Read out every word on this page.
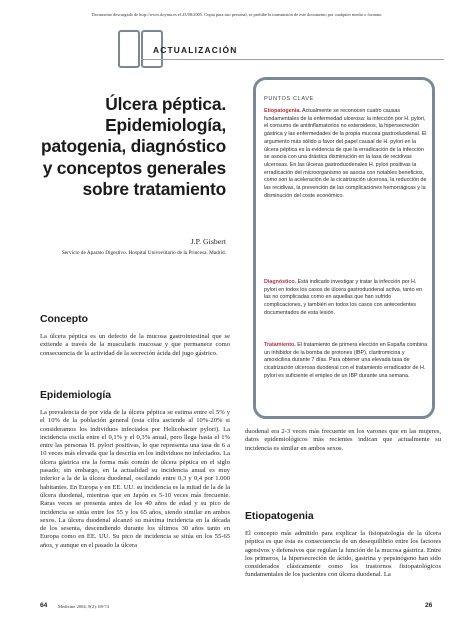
Documento descargado de http://www.doyma.es el 25/08/2005. Copia para uso personal, se prohíbe la transmisión de este documento por cualquier medio o formato.
ACTUALIZACIÓN
Úlcera péptica. Epidemiología, patogenia, diagnóstico y conceptos generales sobre tratamiento
J.P. Gisbert
Servicio de Aparato Digestivo. Hospital Universitario de la Princesa. Madrid.
Concepto
La úlcera péptica es un defecto de la mucosa gastrointestinal que se extiende a través de la muscularis mucosae y que permanece como consecuencia de la actividad de la secreción ácida del jugo gástrico.
Epidemiología
La prevalencia de por vida de la úlcera péptica se estima entre el 5% y el 10% de la población general (esta cifra asciende al 10%-20% si consideramos los individuos infectados por Helicobacter pylori). La incidencia oscila entre el 0,1% y el 0,3% anual, pero llega hasta el 1% entre las personas H. pylori positivas, lo que representa una tasa de 6 a 10 veces más elevada que la descrita en los individuos no infectados. La úlcera gástrica era la forma más común de úlcera péptica en el siglo pasado; sin embargo, en la actualidad su incidencia anual es muy inferior a la de la úlcera duodenal, oscilando entre 0,3 y 0,4 por 1.000 habitantes. En Europa y en EE. UU. su incidencia es la mitad de la de la úlcera duodenal, mientras que en Japón es 5-10 veces más frecuente. Raras veces se presenta antes de los 40 años de edad y su pico de incidencia se sitúa entre los 55 y los 65 años, siendo similar en ambos sexos. La úlcera duodenal alcanzó su máxima incidencia en la década de los sesenta, descendiendo durante los últimos 30 años tanto en Europa como en EE. UU. Su pico de incidencia se sitúa en los 55-65 años, y aunque en el pasado la úlcera
PUNTOS CLAVE
Etiopatogenia. Actualmente se reconocen cuatro causas fundamentales de la enfermedad ulcerosa: la infección por H. pylori, el consumo de antiinflamatorios no esteroideos, la hipersecreción gástrica y las enfermedades de la propia mucosa gastroduodenal. El argumento más sólido a favor del papel causal de H. pylori en la úlcera péptica es la evidencia de que la erradicación de la infección se asocia con una drástica disminución en la tasa de recidivas ulcerosas. En las úlceras gastroduodenales H. pylori positivas la erradicación del microorganismo se asocia con notables beneficios, como son la aceleración de la cicatrización ulcerosa, la reducción de las recidivas, la prevención de las complicaciones hemorrágicas y la disminución del coste económico.
Diagnóstico. Está indicado investigar y tratar la infección por H. pylori en todos los casos de úlcera gastroduodenal activa, tanto en las no complicadas como en aquellas que han sufrido complicaciones, y también en todos los casos con antecedentes documentados de esta lesión.
Tratamiento. El tratamiento de primera elección en España combina un inhibidor de la bomba de protones (IBP), claritromicina y amoxicilina durante 7 días. Para obtener una elevada tasa de cicatrización ulcerosa duodenal con el tratamiento erradicador de H. pylori es suficiente el empleo de un IBP durante una semana.
duodenal era 2-3 veces más frecuente en los varones que en las mujeres, datos epidemiológicos más recientes indican que actualmente su incidencia es similar en ambos sexos.
Etiopatogenia
El concepto más admitido para explicar la fisiopatología de la úlcera péptica es que ésta es consecuencia de un desequilibrio entre los factores agresivos y defensivos que regulan la función de la mucosa gástrica. Entre los primeros, la hipersecreción de ácido, gastrina y pepsinógeno han sido considerados clásicamente como los trastornos fisiopatológicos fundamentales de los pacientes con úlcera duodenal. La
64 Medicine 2004; 9(2): 68-74	26
